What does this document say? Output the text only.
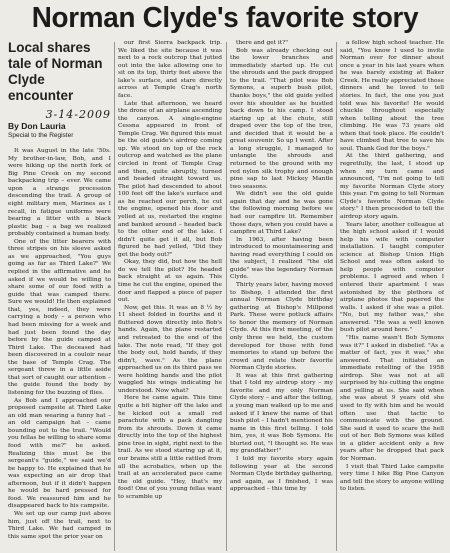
Norman Clyde's favorite story
Local shares tale of Norman Clyde encounter

3-14-2009

By Don Lauria

Special to the Register

It was August in the late '50s. My brother-in-law, Bob, and I were hiking up the north fork of Big Pine Creek on my second backpacking trip – ever. We came upon a strange procession descending the trail. A group of eight military men, Marines as I recall, in fatigue uniforms were bearing a litter with a black plastic bag – a bag we realized probably contained a human body.

One of the litter bearers with three stripes on his sleeve asked as we approached, "You guys going as far as Third Lake?" We replied in the affirmative and he asked if we would be willing to share some of our food with a guide that was camped there. Sure we would! He then explained that, yes, indeed, they were carrying a body – a person who had been missing for a week and had just been found the day before by the guide camped at Third Lake. The deceased had been discovered in a couloir near the base of Temple Crag. The sergeant threw in a little aside that sort of caught our attention – the guide found the body by listening for the buzzing of flies.

As Bob and I approached our proposed campsite at Third Lake an old man wearing a funny hat – an old campaign hat – came bounding out to the trail. "Would you fellas be willing to share some food with me?" he asked. Realizing this must be the sergeant's "guide," we said we'd be happy to. He explained that he was expecting an air drop that afternoon, but if it didn't happen he would be hard pressed for food. We reassured him and he disappeared back to his campsite.

We set up our camp just above him, just off the trail, next to Third Lake. We had camped in this same spot the prior year on

our first Sierra backpack trip. We liked the site because it was next to a rock outcrop that jutted out into the lake allowing one to sit on its top, thirty feet above the lake's surface, and stare directly across at Temple Crag's north face.

Late that afternoon, we heard the drone of an airplane ascending the canyon. A single-engine Cessna appeared in front of Temple Crag. We figured this must be the old guide's airdrop coming up. We stood on top of the rock outcrop and watched as the plane circled in front of Temple Crag and then, quite abruptly, turned and headed straight toward us. The pilot had descended to about 100 feet off the lake's surface and as he reached our perch, he cut the engine, opened his door and yelled at us, restarted the engine and banked around – headed back to the other end of the lake. I didn't quite get it all, but Bob figured he had yelled, "Did they get the body out?"

Okay, they did, but how the hell do we tell the pilot? He headed back straight at us again. This time he cut the engine, opened the door and flapped a piece of paper out.

Now, get this. It was an 8 ½ by 11 sheet folded in fourths and it fluttered down directly into Bob's hands. Again, the plane restarted and retreated to the end of the lake. The note read, "If they got the body out, hold hands, if they didn't, wave." As the plane approached us on its third pass we were holding hands and the pilot waggled his wings indicating he understood. Now what?

Here he came again. This time quite a bit higher off the lake and he kicked out a small red parachute with a pack dangling from its shrouds. Down it came directly into the top of the highest pine tree in sight, right next to the trail. As we stood staring up at it, our brains still a little rattled from all the acrobatics, when up the trail at an accelerated pace came the old guide. "Hey, that's my food! One of you young fellas want to scramble up

there and get it?"

Bob was already checking out the lower branches and immediately started up. He cut the shrouds and the pack dropped to the trail. "That pilot was Bob Symons, a superb bush pilot, thanks boys," the old guide yelled over his shoulder as he hustled back down to his camp. I stood staring up at the chute, still draped over the top of the tree, and decided that it would be a great souvenir. So up I went. After a long struggle, I managed to untangle the shrouds and returned to the ground with my red nylon silk trophy and enough pine sap to last Mickey Mantle two seasons.

We didn't see the old guide again that day and he was gone the following morning before we had our campfire lit. Remember those days, when you could have a campfire at Third Lake?

In 1963, after having been introduced to mountaineering and having read everything I could on the subject, I realized "the old guide" was the legendary Norman Clyde.

Thirty years later, having moved to Bishop, I attended the first annual Norman Clyde birthday gathering at Bishop's Millpond Park. These were potluck affairs to honor the memory of Norman Clyde. At this first meeting, of the only three we held, the custom developed for those with fond memories to stand up before the crowd and relate their favorite Norman Clyde stories.

It was at this first gathering that I told my airdrop story – my favorite and my only Norman Clyde story – and after the telling, a young man walked up to me and asked if I knew the name of that bush pilot – I hadn't mentioned his name in this first telling. I told him, yes, it was Bob Symons. He blurted out, "I thought so. He was my grandfather!"

I told my favorite story again following year at the second Norman Clyde birthday gathering, and again, as I finished, I was approached – this time by

a fellow high school teacher. He said, "You know I used to invite Norman over for dinner about once a year in his last years when he was barely existing at Baker Creek. He really appreciated those dinners and he loved to tell stories. In fact, the one you just told was his favorite! He would chuckle throughout especially when telling about the tree climbing. He was 73 years old when that took place. He couldn't have climbed that tree to save his soul. Thank God for the boys."

At the third gathering, and regretfully, the last, I stood up when my turn came and announced, "I'm not going to tell my favorite Norman Clyde story this year. I'm going to tell Norman Clyde's favorite Norman Clyde story." I then proceeded to tell the airdrop story again.

Years later, another colleague at the high school asked if I would help his wife with computer installation. I taught computer science at Bishop Union High School and was often asked to help people with computer problems. I agreed and when I entered their apartment I was astonished by the plethora of airplane photos that papered the walls. I asked if she was a pilot. "No, but my father was," she answered. "He was a well known bush pilot around here."

"His name wasn't Bob Symons was it?" I asked in disbelief. "As a matter of fact, yes it was," she answered. That initiated an immediate retelling of the 1958 airdrop. She was not at all surprised by his cutting the engine and yelling at us. She said when she was about 9 years old she used to fly with him and he would often use that tactic to communicate with the ground. She said it used to scare the hell out of her. Bob Symons was killed in a glider accident only a few years after he dropped that pack for Norman.

I visit that Third Lake campsite very time I hike Big Pine Canyon and tell the story to anyone willing to listen.
